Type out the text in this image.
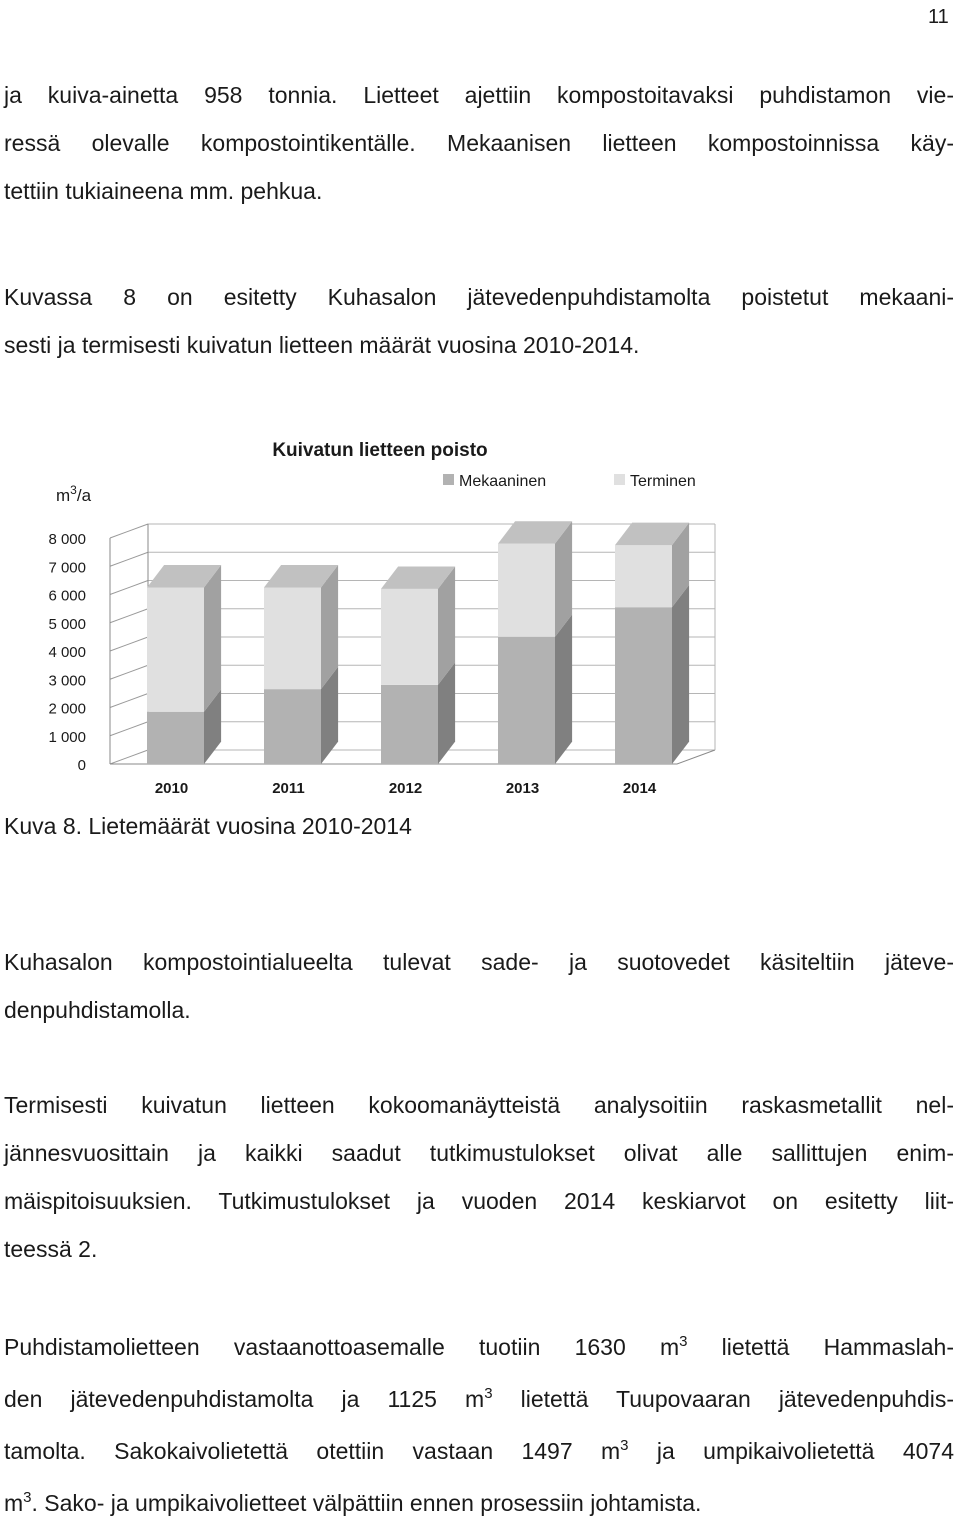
11
ja kuiva-ainetta 958 tonnia. Lietteet ajettiin kompostoitavaksi puhdistamon vie-
ressä olevalle kompostointikentälle. Mekaanisen lietteen kompostoinnissa käy-
tettiin tukiaineena mm. pehkua.
Kuvassa 8 on esitetty Kuhasalon jätevedenpuhdistamolta poistetut mekaani-
sesti ja termisesti kuivatun lietteen määrät vuosina 2010-2014.
Kuivatun lietteen poisto
$m^3/a$
Mekaaninen	Terminen
0
1 000
2 000
3 000
4 000
5 000
6 000
7 000
8 000
2010	2011	2012	2013	2014

Kuva 8. Lietemäärät vuosina 2010-2014

Kuhasalon kompostointialueelta tulevat sade- ja suotovedet käsiteltiin jäteve-
denpuhdistamolla.
Termisesti kuivatun lietteen kokoomanäytteistä analysoitiin raskasmetallit nel-
jännesvuosittain ja kaikki saadut tutkimustulokset olivat alle sallittujen enim-
mäispitoisuuksien. Tutkimustulokset ja vuoden 2014 keskiarvot on esitetty liit-
teessä 2.
Puhdistamolietteen vastaanottoasemalle tuotiin 1630 $m^3$ lietettä Hammaslah-
den jätevedenpuhdistamolta ja 1125 $m^3$ lietettä Tuupovaaran jätevedenpuhdis-
tamolta. Sakokaivolietettä otettiin vastaan 1497 $m^3$ ja umpikaivolietettä 4074
$m^3$. Sako- ja umpikaivolietteet välpättiin ennen prosessiin johtamista.
